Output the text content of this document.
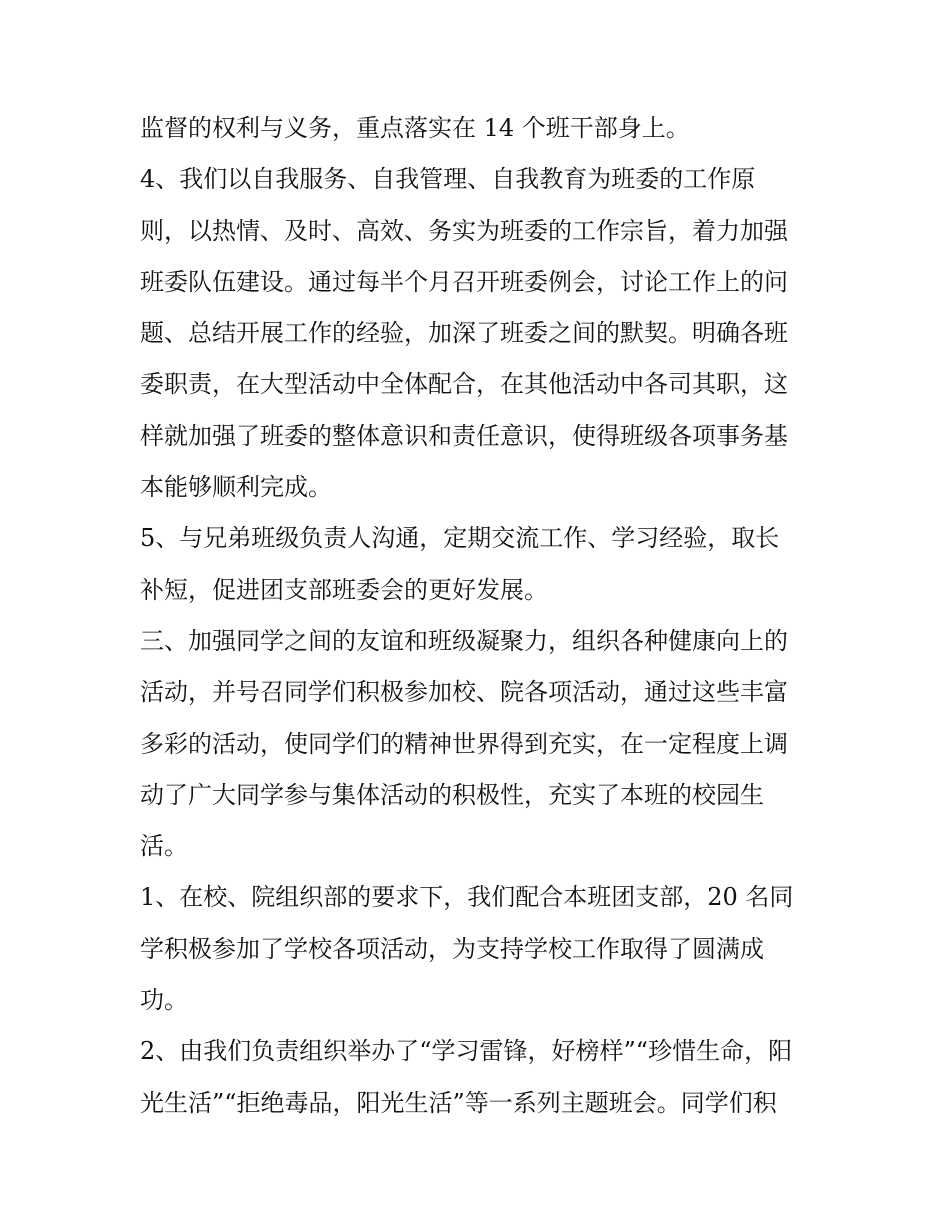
监督的权利与义务，重点落实在 14 个班干部身上。
4、我们以自我服务、自我管理、自我教育为班委的工作原
则，以热情、及时、高效、务实为班委的工作宗旨，着力加强
班委队伍建设。通过每半个月召开班委例会，讨论工作上的问
题、总结开展工作的经验，加深了班委之间的默契。明确各班
委职责，在大型活动中全体配合，在其他活动中各司其职，这
样就加强了班委的整体意识和责任意识，使得班级各项事务基
本能够顺利完成。
5、与兄弟班级负责人沟通，定期交流工作、学习经验，取长
补短，促进团支部班委会的更好发展。
三、加强同学之间的友谊和班级凝聚力，组织各种健康向上的
活动，并号召同学们积极参加校、院各项活动，通过这些丰富
多彩的活动，使同学们的精神世界得到充实，在一定程度上调
动了广大同学参与集体活动的积极性，充实了本班的校园生
活。
1、在校、院组织部的要求下，我们配合本班团支部，20 名同
学积极参加了学校各项活动，为支持学校工作取得了圆满成
功。
2、由我们负责组织举办了“学习雷锋，好榜样”“珍惜生命，阳
光生活”“拒绝毒品，阳光生活”等一系列主题班会。同学们积
